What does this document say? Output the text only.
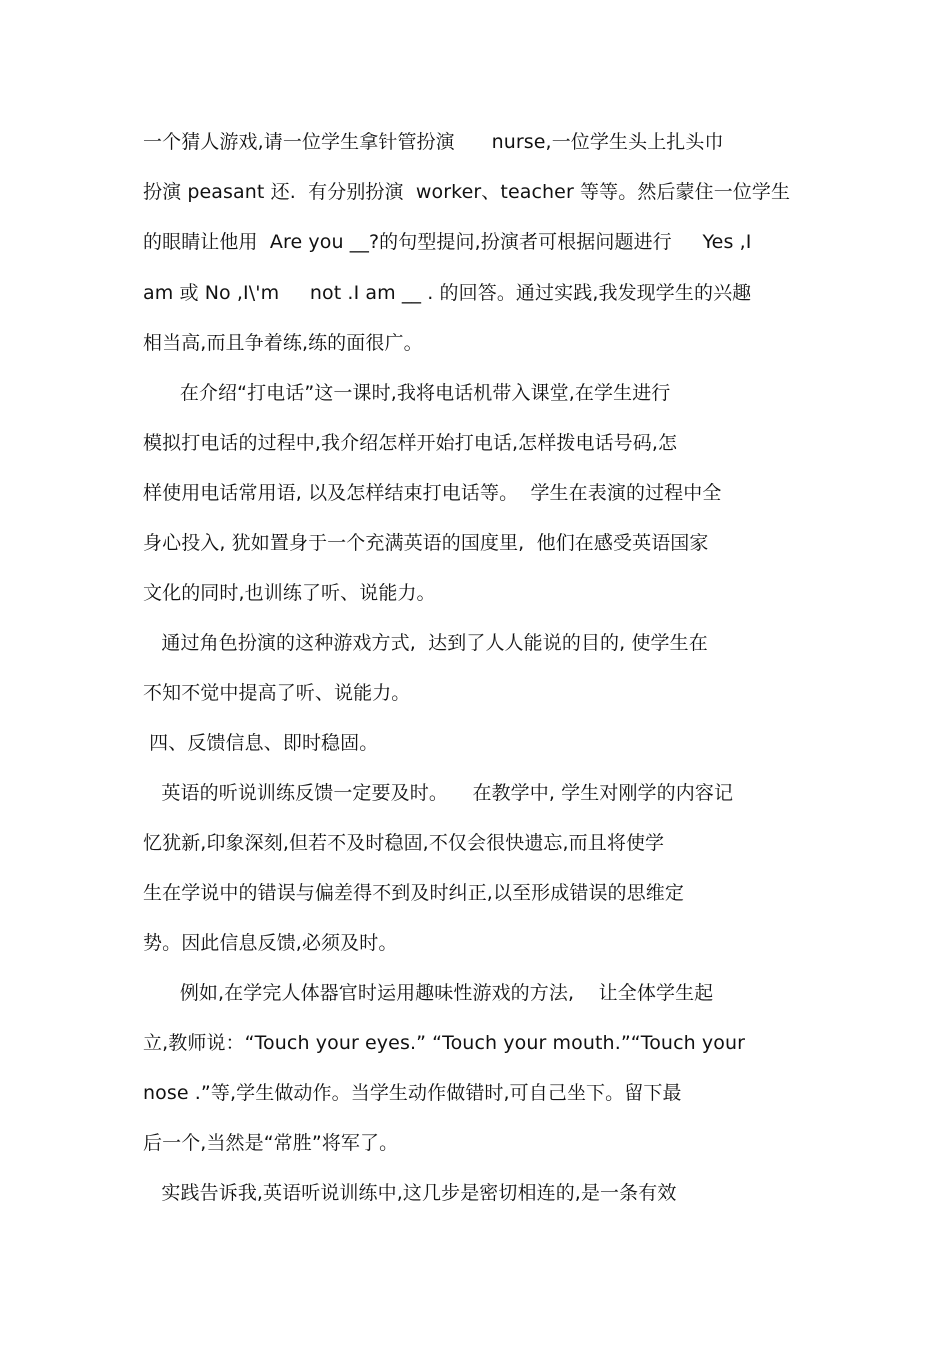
一个猜人游戏,请一位学生拿针管扮演      nurse,一位学生头上扎头巾
扮演 peasant 还.  有分别扮演  worker、teacher 等等。然后蒙住一位学生
的眼睛让他用  Are you __?的句型提问,扮演者可根据问题进行     Yes ,I
am 或 No ,I\'m     not .I am __ . 的回答。通过实践,我发现学生的兴趣
相当高,而且争着练,练的面很广。
在介绍“打电话”这一课时,我将电话机带入课堂,在学生进行
模拟打电话的过程中,我介绍怎样开始打电话,怎样拨电话号码,怎
样使用电话常用语, 以及怎样结束打电话等。  学生在表演的过程中全
身心投入, 犹如置身于一个充满英语的国度里,  他们在感受英语国家
文化的同时,也训练了听、说能力。
通过角色扮演的这种游戏方式,  达到了人人能说的目的, 使学生在
不知不觉中提高了听、说能力。
四、反馈信息、即时稳固。
英语的听说训练反馈一定要及时。    在教学中, 学生对刚学的内容记
忆犹新,印象深刻,但若不及时稳固,不仅会很快遗忘,而且将使学
生在学说中的错误与偏差得不到及时纠正,以至形成错误的思维定
势。因此信息反馈,必须及时。
例如,在学完人体器官时运用趣味性游戏的方法,    让全体学生起
立,教师说：“Touch your eyes.” “Touch your mouth.”“Touch your
nose .”等,学生做动作。当学生动作做错时,可自己坐下。留下最
后一个,当然是“常胜”将军了。
实践告诉我,英语听说训练中,这几步是密切相连的,是一条有效
